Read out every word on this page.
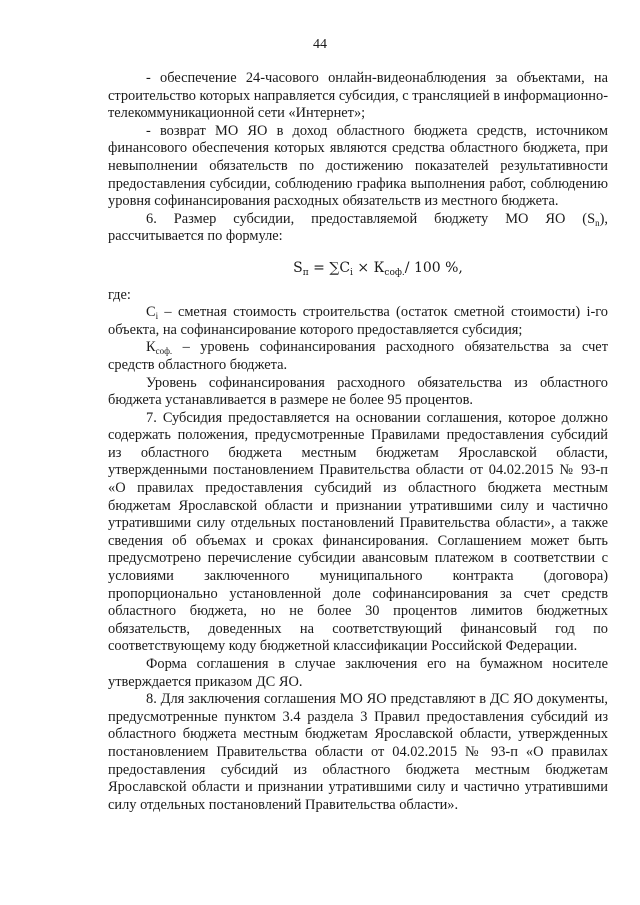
44

- обеспечение 24-часового онлайн-видеонаблюдения за объектами, на строительство которых направляется субсидия, с трансляцией в информационно-телекоммуникационной сети «Интернет»;

- возврат МО ЯО в доход областного бюджета средств, источником финансового обеспечения которых являются средства областного бюджета, при невыполнении обязательств по достижению показателей результативности предоставления субсидии, соблюдению графика выполнения работ, соблюдению уровня софинансирования расходных обязательств из местного бюджета.

6. Размер субсидии, предоставляемой бюджету МО ЯО $(S_n)$, рассчитывается по формуле:

$S_п = \sum C_i \times К_{соф.}/$ 100 %,

где:

$C_i$ – сметная стоимость строительства (остаток сметной стоимости) i-го объекта, на софинансирование которого предоставляется субсидия;

$К_{соф.}$ – уровень софинансирования расходного обязательства за счет средств областного бюджета.

Уровень софинансирования расходного обязательства из областного бюджета устанавливается в размере не более 95 процентов.

7. Субсидия предоставляется на основании соглашения, которое должно содержать положения, предусмотренные Правилами предоставления субсидий из областного бюджета местным бюджетам Ярославской области, утвержденными постановлением Правительства области от 04.02.2015 № 93-п «О правилах предоставления субсидий из областного бюджета местным бюджетам Ярославской области и признании утратившими силу и частично утратившими силу отдельных постановлений Правительства области», а также сведения об объемах и сроках финансирования. Соглашением может быть предусмотрено перечисление субсидии авансовым платежом в соответствии с условиями заключенного муниципального контракта (договора) пропорционально установленной доле софинансирования за счет средств областного бюджета, но не более 30 процентов лимитов бюджетных обязательств, доведенных на соответствующий финансовый год по соответствующему коду бюджетной классификации Российской Федерации.

Форма соглашения в случае заключения его на бумажном носителе утверждается приказом ДС ЯО.

8. Для заключения соглашения МО ЯО представляют в ДС ЯО документы, предусмотренные пунктом 3.4 раздела 3 Правил предоставления субсидий из областного бюджета местным бюджетам Ярославской области, утвержденных постановлением Правительства области от 04.02.2015 № 93-п «О правилах предоставления субсидий из областного бюджета местным бюджетам Ярославской области и признании утратившими силу и частично утратившими силу отдельных постановлений Правительства области».
